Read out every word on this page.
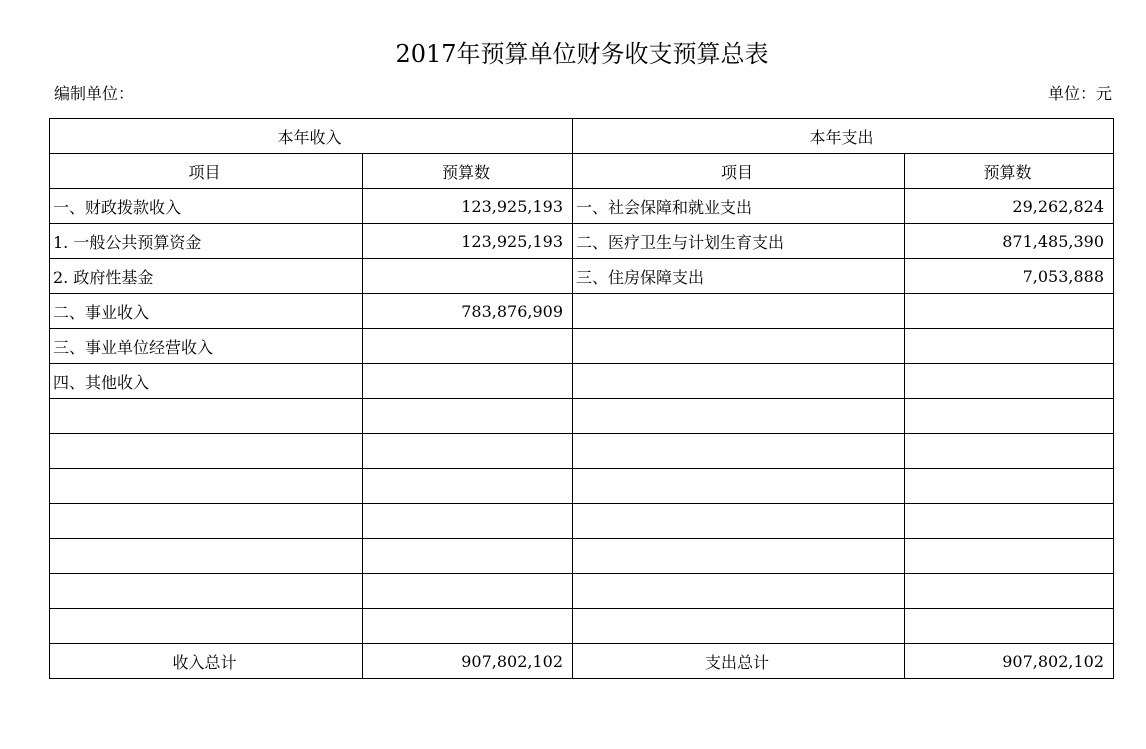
2017年预算单位财务收支预算总表
编制单位：	单位：元
本年收入		本年支出	
项目	预算数	项目	预算数
一、财政拨款收入	123,925,193	一、社会保障和就业支出	29,262,824
1. 一般公共预算资金	123,925,193	二、医疗卫生与计划生育支出	871,485,390
2. 政府性基金		三、住房保障支出	7,053,888
二、事业收入	783,876,909		
三、事业单位经营收入			
四、其他收入			

收入总计	907,802,102	支出总计	907,802,102
